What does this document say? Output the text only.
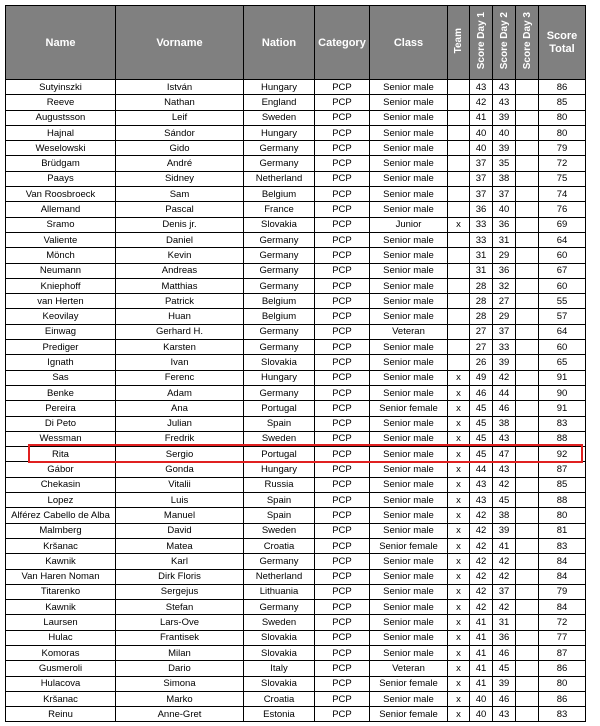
Name	Vorname	Nation	Category	Class	Team	Score Day 1	Score Day 2	Score Day 3	Score Total
Sutyinszki	István	Hungary	PCP	Senior male		43	43		86
Reeve	Nathan	England	PCP	Senior male		42	43		85
Augustsson	Leif	Sweden	PCP	Senior male		41	39		80
Hajnal	Sándor	Hungary	PCP	Senior male		40	40		80
Weselowski	Gido	Germany	PCP	Senior male		40	39		79
Brüdgam	André	Germany	PCP	Senior male		37	35		72
Paays	Sidney	Netherland	PCP	Senior male		37	38		75
Van Roosbroeck	Sam	Belgium	PCP	Senior male		37	37		74
Allemand	Pascal	France	PCP	Senior male		36	40		76
Sramo	Denis jr.	Slovakia	PCP	Junior	x	33	36		69
Valiente	Daniel	Germany	PCP	Senior male		33	31		64
Mönch	Kevin	Germany	PCP	Senior male		31	29		60
Neumann	Andreas	Germany	PCP	Senior male		31	36		67
Kniephoff	Matthias	Germany	PCP	Senior male		28	32		60
van Herten	Patrick	Belgium	PCP	Senior male		28	27		55
Keovilay	Huan	Belgium	PCP	Senior male		28	29		57
Einwag	Gerhard H.	Germany	PCP	Veteran		27	37		64
Prediger	Karsten	Germany	PCP	Senior male		27	33		60
Ignath	Ivan	Slovakia	PCP	Senior male		26	39		65
Sas	Ferenc	Hungary	PCP	Senior male	x	49	42		91
Benke	Adam	Germany	PCP	Senior male	x	46	44		90
Pereira	Ana	Portugal	PCP	Senior female	x	45	46		91
Di Peto	Julian	Spain	PCP	Senior male	x	45	38		83
Wessman	Fredrik	Sweden	PCP	Senior male	x	45	43		88
Rita	Sergio	Portugal	PCP	Senior male	x	45	47		92
Gábor	Gonda	Hungary	PCP	Senior male	x	44	43		87
Chekasin	Vitalii	Russia	PCP	Senior male	x	43	42		85
Lopez	Luis	Spain	PCP	Senior male	x	43	45		88
Alférez Cabello de Alba	Manuel	Spain	PCP	Senior male	x	42	38		80
Malmberg	David	Sweden	PCP	Senior male	x	42	39		81
Kršanac	Matea	Croatia	PCP	Senior female	x	42	41		83
Kawnik	Karl	Germany	PCP	Senior male	x	42	42		84
Van Haren Noman	Dirk Floris	Netherland	PCP	Senior male	x	42	42		84
Titarenko	Sergejus	Lithuania	PCP	Senior male	x	42	37		79
Kawnik	Stefan	Germany	PCP	Senior male	x	42	42		84
Laursen	Lars-Ove	Sweden	PCP	Senior male	x	41	31		72
Hulac	Frantisek	Slovakia	PCP	Senior male	x	41	36		77
Komoras	Milan	Slovakia	PCP	Senior male	x	41	46		87
Gusmeroli	Dario	Italy	PCP	Veteran	x	41	45		86
Hulacova	Simona	Slovakia	PCP	Senior female	x	41	39		80
Kršanac	Marko	Croatia	PCP	Senior male	x	40	46		86
Reinu	Anne-Gret	Estonia	PCP	Senior female	x	40	43		83
